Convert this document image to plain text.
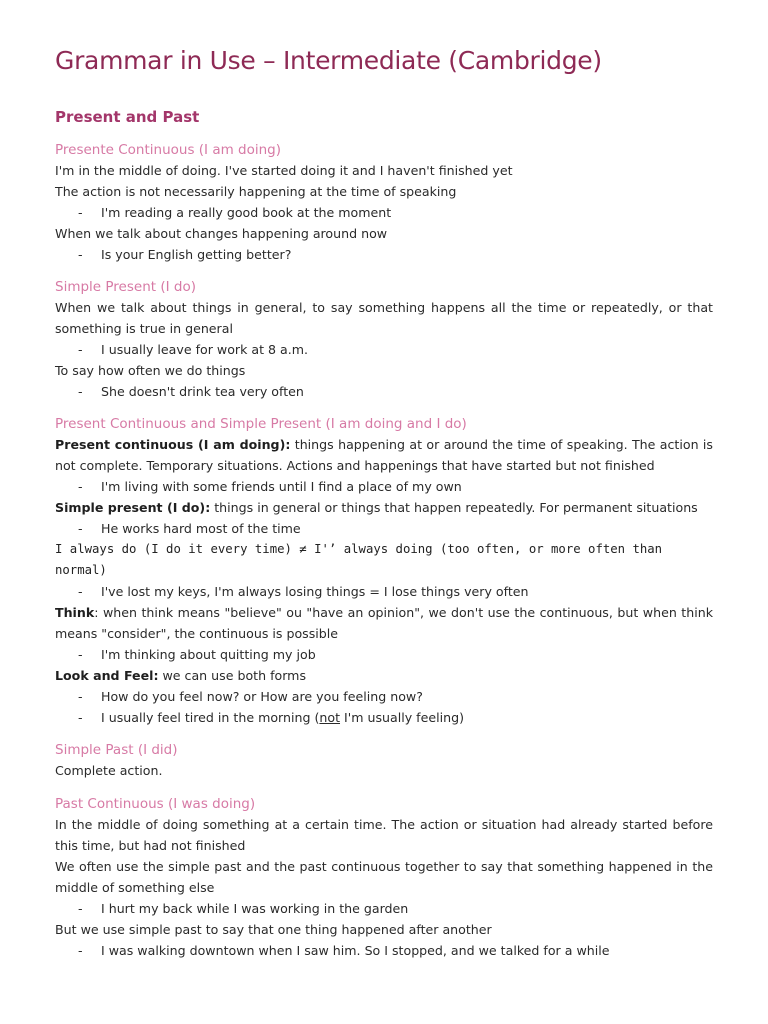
Grammar in Use – Intermediate (Cambridge)
Present and Past

Presente Continuous (I am doing)

I'm in the middle of doing. I've started doing it and I haven't finished yet

The action is not necessarily happening at the time of speaking

- I'm reading a really good book at the moment

When we talk about changes happening around now

- Is your English getting better?

Simple Present (I do)

When we talk about things in general, to say something happens all the time or repeatedly, or that something is true in general

- I usually leave for work at 8 a.m.

To say how often we do things

- She doesn't drink tea very often

Present Continuous and Simple Present (I am doing and I do)

Present continuous (I am doing): things happening at or around the time of speaking. The action is not complete. Temporary situations. Actions and happenings that have started but not finished

- I'm living with some friends until I find a place of my own

Simple present (I do): things in general or things that happen repeatedly. For permanent situations

- He works hard most of the time

I always do (I do it every time) ≠ I'’ always doing (too often, or more often than normal)

- I've lost my keys, I'm always losing things = I lose things very often

Think: when think means "believe" ou "have an opinion", we don't use the continuous, but when think means "consider", the continuous is possible

- I'm thinking about quitting my job

Look and Feel: we can use both forms

- How do you feel now? or How are you feeling now?

- I usually feel tired in the morning (not I'm usually feeling)

Simple Past (I did)

Complete action.

Past Continuous (I was doing)

In the middle of doing something at a certain time. The action or situation had already started before this time, but had not finished

We often use the simple past and the past continuous together to say that something happened in the middle of something else

- I hurt my back while I was working in the garden

But we use simple past to say that one thing happened after another

- I was walking downtown when I saw him. So I stopped, and we talked for a while
